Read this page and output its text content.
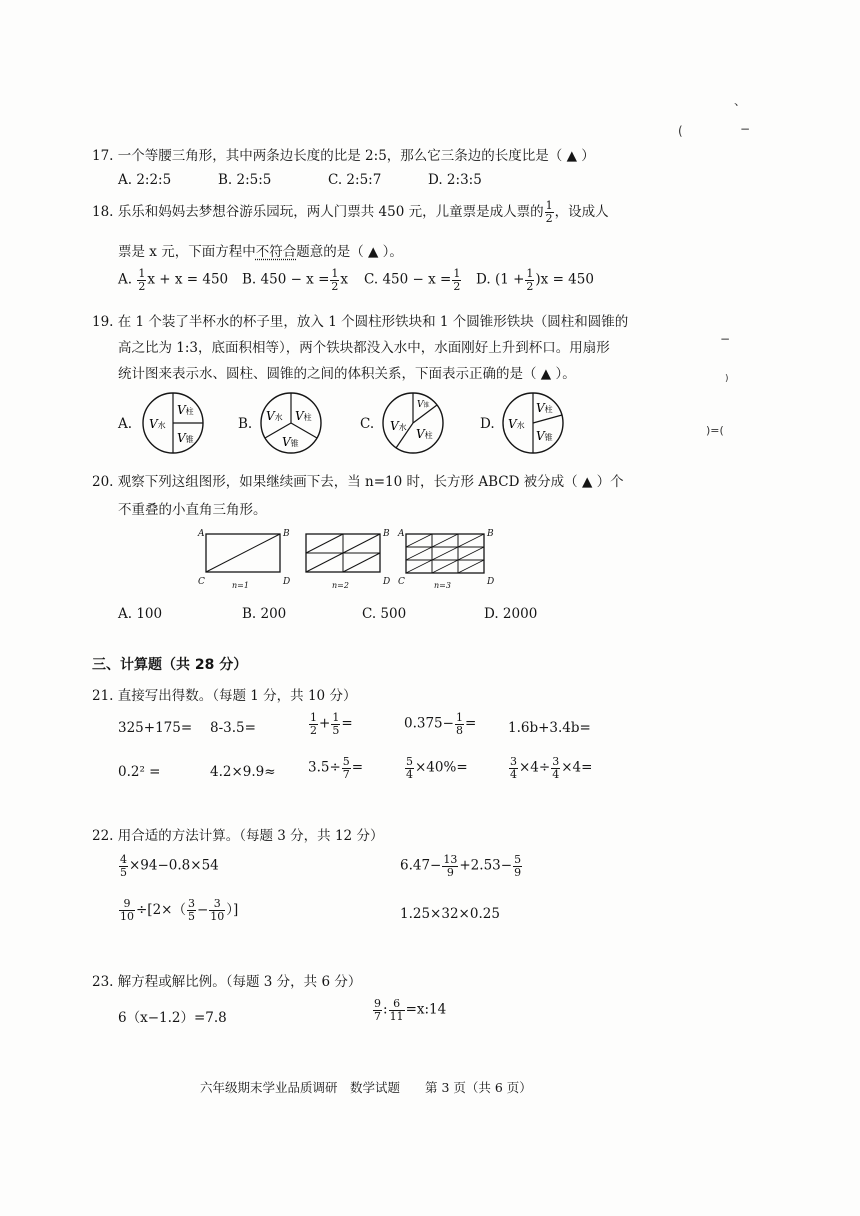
、
(	−
−
)
)=(
17. 一个等腰三角形，其中两条边长度的比是 2:5，那么它三条边的长度比是（ ▲ ）
A. 2:2:5	B. 2:5:5	C. 2:5:7	D. 2:3:5
18. 乐乐和妈妈去梦想谷游乐园玩，两人门票共 450 元，儿童票是成人票的 $\frac{1}{2}$ ，设成人
票是 x 元，下面方程中不符合题意的是（ ▲ ）。
A. $\frac{1}{2}$ x + x = 450 B. $450 - x = \frac{1}{2}$ x C. $450 - x = \frac{1}{2} D$. $(1 + \frac{1}{2} )x = 450$
19. 在 1 个装了半杯水的杯子里，放入 1 个圆柱形铁块和 1 个圆锥形铁块（圆柱和圆锥的
高之比为 1:3，底面积相等），两个铁块都没入水中，水面刚好上升到杯口。用扇形
统计图来表示水、圆柱、圆锥的之间的体积关系，下面表示正确的是（ ▲ ）。
A.	B.	C.	D.
V水
V柱
V锥
V水 V柱
V锥
V锥
V水 V柱
V水
V柱
V锥
20. 观察下列这组图形，如果继续画下去，当 n=10 时，长方形 ABCD 被分成（ ▲ ）个
不重叠的小直角三角形。
A	B
C	D
n=1
B
D
n=2
A	B
C	D
n=3
A. 100	B. 200	C. 500	D. 2000
三、计算题（共 28 分）
21. 直接写出得数。（每题 1 分，共 10 分）
325+175= 8-3.5=	$\frac{1}{2} + \frac{1}{5}$ =	$0.375- \frac{1}{8} = 1.6b+3.4b=$
0.2² =	$4.2\times 9.9\approx 3.5\div \frac{5}{7}$ =	$\frac{5}{4} \times 40\%=$	$\frac{3}{4} \times 4\div \frac{3}{4} \times 4=$
22. 用合适的方法计算。（每题 3 分，共 12 分）
$\frac{4}{5} \times 94-0.8\times 54$	$6.47- \frac{13}{9} +2.53- \frac{5}{9}$
$\frac{9}{10} \div[2\times( \frac{3}{5} - \frac{3}{10}$ ）]	1.25×32×0.25
23. 解方程或解比例。（每题 3 分，共 6 分）
6（x−1.2）=7.8	$\frac{9}{7}$ : $\frac{6}{11}$ =x:14
六年级期末学业品质调研　数学试题　　第 3 页（共 6 页）
